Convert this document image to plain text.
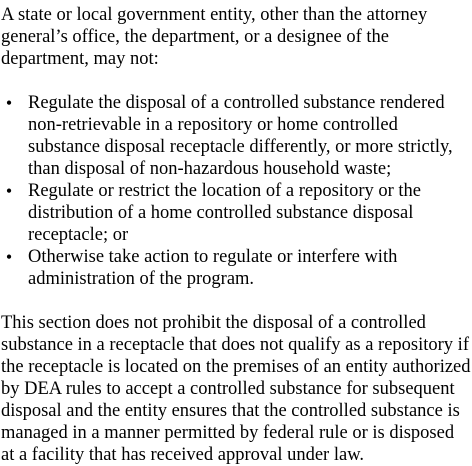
A state or local government entity, other than the attorney general’s office, the department, or a designee of the department, may not:

• Regulate the disposal of a controlled substance rendered non-retrievable in a repository or home controlled substance disposal receptacle differently, or more strictly, than disposal of non-hazardous household waste;
• Regulate or restrict the location of a repository or the distribution of a home controlled substance disposal receptacle; or
• Otherwise take action to regulate or interfere with administration of the program.

This section does not prohibit the disposal of a controlled substance in a receptacle that does not qualify as a repository if the receptacle is located on the premises of an entity authorized by DEA rules to accept a controlled substance for subsequent disposal and the entity ensures that the controlled substance is managed in a manner permitted by federal rule or is disposed at a facility that has received approval under law.
